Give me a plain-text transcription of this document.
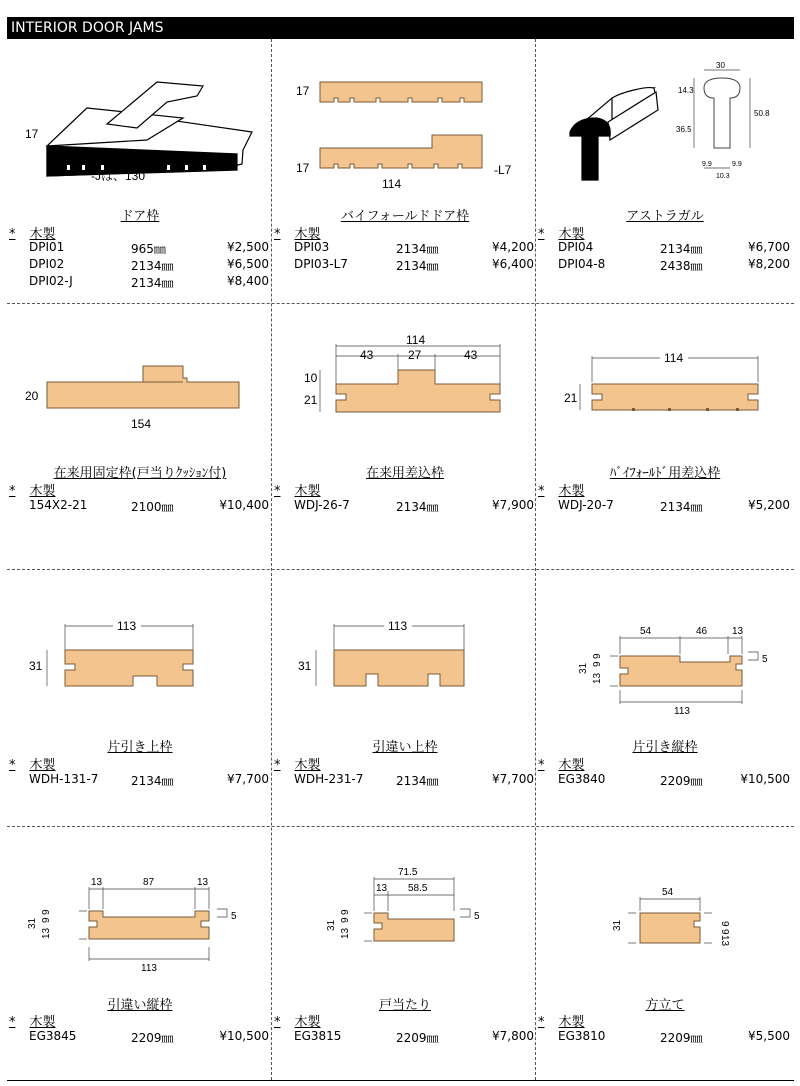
INTERIOR DOOR JAMS
17
114
-Jは、130
ドア枠
* 木製
DPI01	965㎜	¥2,500
DPI02	2134㎜	¥6,500
DPI02-J	2134㎜	¥8,400
17
17
114
-L7
バイフォールドドア枠
* 木製
DPI03	2134㎜	¥4,200
DPI03-L7	2134㎜	¥6,400
30
14.3
50.8
36.5
9.9	9.9
10.3
アストラガル
* 木製
DPI04	2134㎜	¥6,700
DPI04-8	2438㎜	¥8,200
20
154
在来用固定枠(戸当りｸｯｼｮﾝ付)
* 木製
154X2-21	2100㎜	¥10,400
114
43	27	43
10
21
在来用差込枠
* 木製
WDJ-26-7	2134㎜	¥7,900
114
21
ﾊﾞｲﾌｫｰﾙﾄﾞ用差込枠
* 木製
WDJ-20-7	2134㎜	¥5,200
113
31
片引き上枠
* 木製
WDH-131-7	2134㎜	¥7,700
113
31
引違い上枠
* 木製
WDH-231-7	2134㎜	¥7,700
54	46 13
31
13
9
9	5
113
片引き縦枠
* 木製
EG3840	2209㎜	¥10,500
13	87	13
31
13
9
9	5
113
引違い縦枠
* 木製
EG3845	2209㎜	¥10,500
71.5
13 58.5
31
13
9
9	5
戸当たり
* 木製
EG3815	2209㎜	¥7,800
54
31	9
9
13
方立て
* 木製
EG3810	2209㎜	¥5,500
